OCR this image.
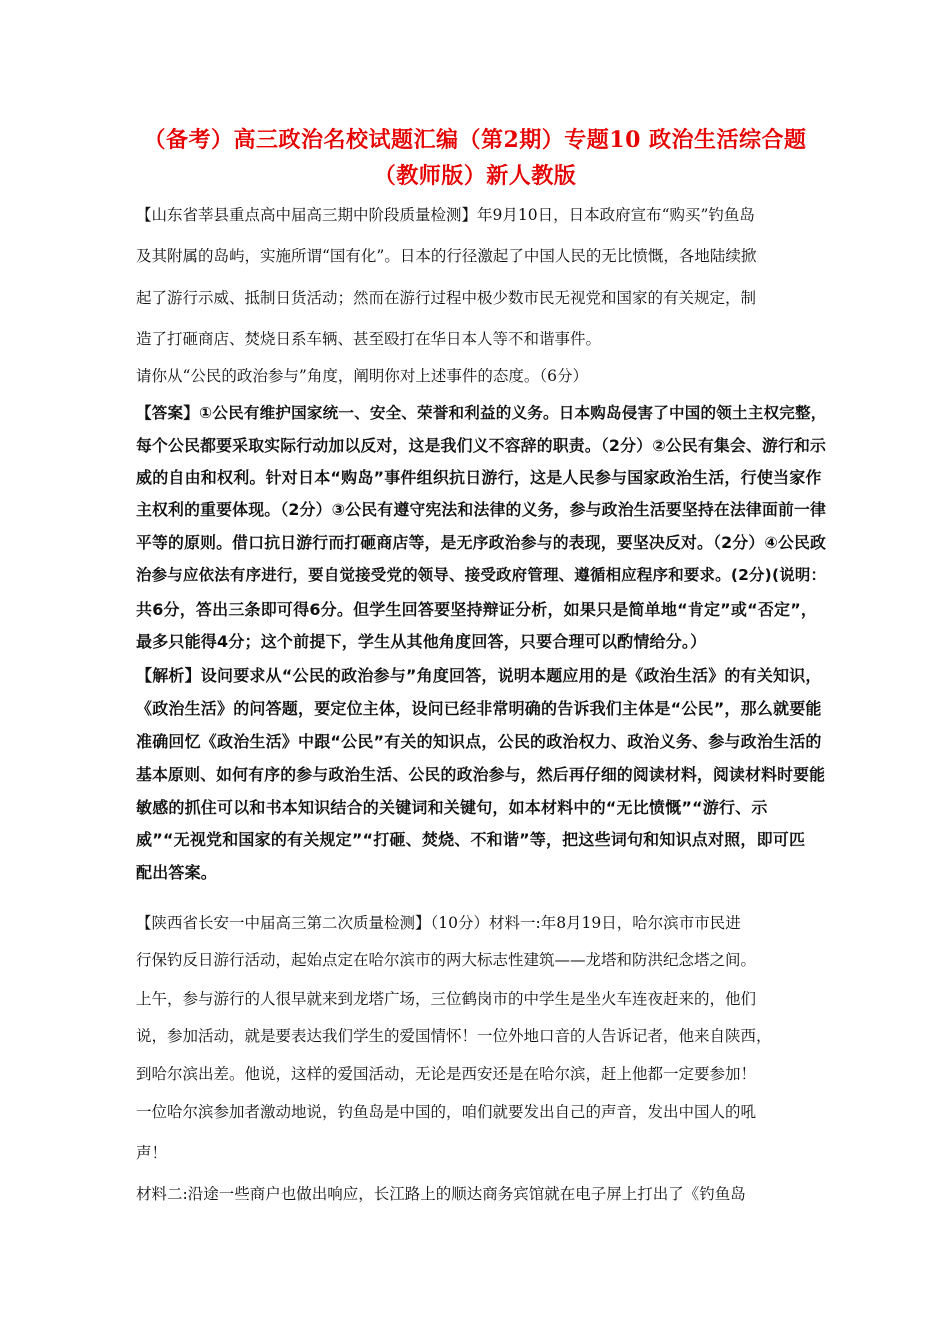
（备考）高三政治名校试题汇编（第2期）专题10 政治生活综合题
（教师版）新人教版
【山东省莘县重点高中届高三期中阶段质量检测】年9月10日，日本政府宣布“购买”钓鱼岛
及其附属的岛屿，实施所谓“国有化”。日本的行径激起了中国人民的无比愤慨，各地陆续掀
起了游行示威、抵制日货活动；然而在游行过程中极少数市民无视党和国家的有关规定，制
造了打砸商店、焚烧日系车辆、甚至殴打在华日本人等不和谐事件。
请你从“公民的政治参与”角度，阐明你对上述事件的态度。（6分）
【答案】①公民有维护国家统一、安全、荣誉和利益的义务。日本购岛侵害了中国的领土主权完整，
每个公民都要采取实际行动加以反对，这是我们义不容辞的职责。（2分）②公民有集会、游行和示
威的自由和权利。针对日本“购岛”事件组织抗日游行，这是人民参与国家政治生活，行使当家作
主权利的重要体现。（2分）③公民有遵守宪法和法律的义务，参与政治生活要坚持在法律面前一律
平等的原则。借口抗日游行而打砸商店等，是无序政治参与的表现，要坚决反对。（2分）④公民政
治参与应依法有序进行，要自觉接受党的领导、接受政府管理、遵循相应程序和要求。(2分)(说明：
共6分，答出三条即可得6分。但学生回答要坚持辩证分析，如果只是简单地“肯定”或“否定”，
最多只能得4分；这个前提下，学生从其他角度回答，只要合理可以酌情给分。）
【解析】设问要求从“公民的政治参与”角度回答，说明本题应用的是《政治生活》的有关知识，
《政治生活》的问答题，要定位主体，设问已经非常明确的告诉我们主体是“公民”，那么就要能
准确回忆《政治生活》中跟“公民”有关的知识点，公民的政治权力、政治义务、参与政治生活的
基本原则、如何有序的参与政治生活、公民的政治参与，然后再仔细的阅读材料，阅读材料时要能
敏感的抓住可以和书本知识结合的关键词和关键句，如本材料中的“无比愤慨”“游行、示
威”“无视党和国家的有关规定”“打砸、焚烧、不和谐”等，把这些词句和知识点对照，即可匹
配出答案。
【陕西省长安一中届高三第二次质量检测】（10分）材料一:年8月19日，哈尔滨市市民进
行保钓反日游行活动，起始点定在哈尔滨市的两大标志性建筑——龙塔和防洪纪念塔之间。
上午，参与游行的人很早就来到龙塔广场，三位鹤岗市的中学生是坐火车连夜赶来的，他们
说，参加活动，就是要表达我们学生的爱国情怀！一位外地口音的人告诉记者，他来自陕西，
到哈尔滨出差。他说，这样的爱国活动，无论是西安还是在哈尔滨，赶上他都一定要参加！
一位哈尔滨参加者激动地说，钓鱼岛是中国的，咱们就要发出自己的声音，发出中国人的吼
声！
材料二:沿途一些商户也做出响应，长江路上的顺达商务宾馆就在电子屏上打出了《钓鱼岛
